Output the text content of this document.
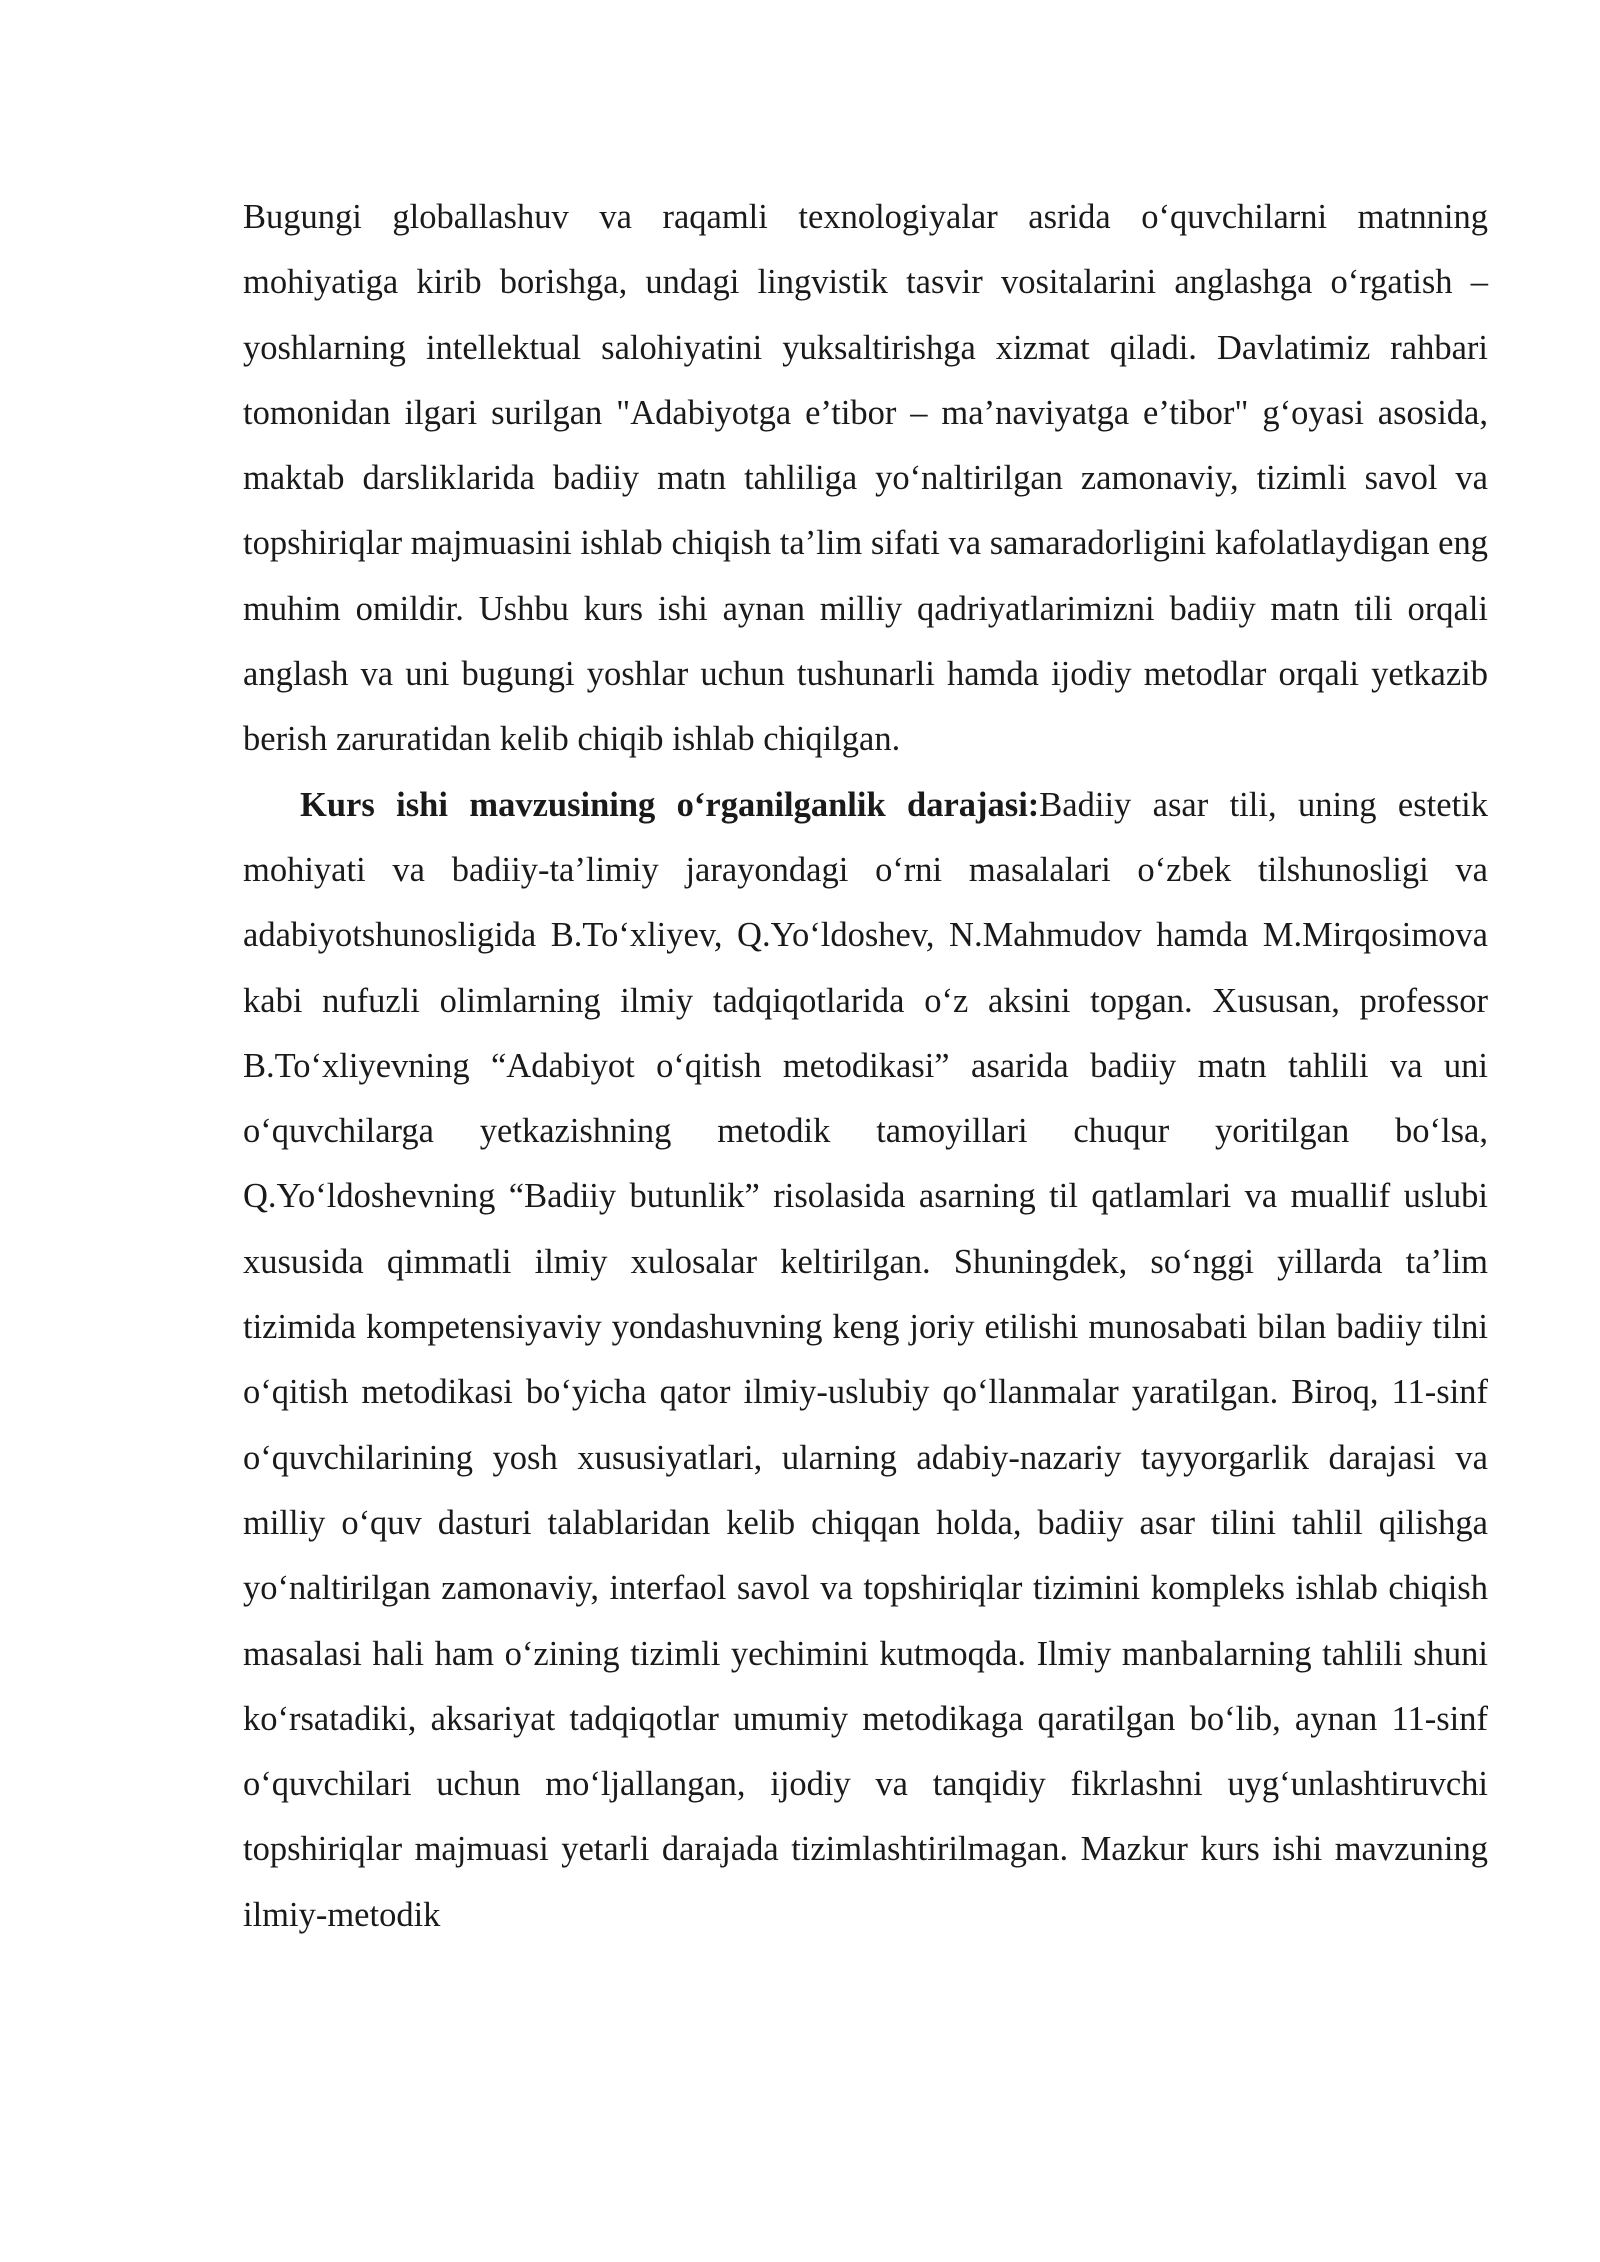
Bugungi globallashuv va raqamli texnologiyalar asrida oʻquvchilarni matnning mohiyatiga kirib borishga, undagi lingvistik tasvir vositalarini anglashga oʻrgatish – yoshlarning intellektual salohiyatini yuksaltirishga xizmat qiladi. Davlatimiz rahbari tomonidan ilgari surilgan "Adabiyotga e’tibor – ma’naviyatga e’tibor" gʻoyasi asosida, maktab darsliklarida badiiy matn tahliliga yoʻnaltirilgan zamonaviy, tizimli savol va topshiriqlar majmuasini ishlab chiqish ta’lim sifati va samaradorligini kafolatlaydigan eng muhim omildir. Ushbu kurs ishi aynan milliy qadriyatlarimizni badiiy matn tili orqali anglash va uni bugungi yoshlar uchun tushunarli hamda ijodiy metodlar orqali yetkazib berish zaruratidan kelib chiqib ishlab chiqilgan.

Kurs ishi mavzusining oʻrganilganlik darajasi:Badiiy asar tili, uning estetik mohiyati va badiiy-ta’limiy jarayondagi oʻrni masalalari oʻzbek tilshunosligi va adabiyotshunosligida B.Toʻxliyev, Q.Yoʻldoshev, N.Mahmudov hamda M.Mirqosimova kabi nufuzli olimlarning ilmiy tadqiqotlarida oʻz aksini topgan. Xususan, professor B.Toʻxliyevning “Adabiyot oʻqitish metodikasi” asarida badiiy matn tahlili va uni oʻquvchilarga yetkazishning metodik tamoyillari chuqur yoritilgan boʻlsa, Q.Yoʻldoshevning “Badiiy butunlik” risolasida asarning til qatlamlari va muallif uslubi xususida qimmatli ilmiy xulosalar keltirilgan. Shuningdek, soʻnggi yillarda ta’lim tizimida kompetensiyaviy yondashuvning keng joriy etilishi munosabati bilan badiiy tilni oʻqitish metodikasi boʻyicha qator ilmiy-uslubiy qoʻllanmalar yaratilgan. Biroq, 11-sinf oʻquvchilarining yosh xususiyatlari, ularning adabiy-nazariy tayyorgarlik darajasi va milliy oʻquv dasturi talablaridan kelib chiqqan holda, badiiy asar tilini tahlil qilishga yoʻnaltirilgan zamonaviy, interfaol savol va topshiriqlar tizimini kompleks ishlab chiqish masalasi hali ham oʻzining tizimli yechimini kutmoqda. Ilmiy manbalarning tahlili shuni koʻrsatadiki, aksariyat tadqiqotlar umumiy metodikaga qaratilgan boʻlib, aynan 11-sinf oʻquvchilari uchun moʻljallangan, ijodiy va tanqidiy fikrlashni uygʻunlashtiruvchi topshiriqlar majmuasi yetarli darajada tizimlashtirilmagan. Mazkur kurs ishi mavzuning ilmiy-metodik
